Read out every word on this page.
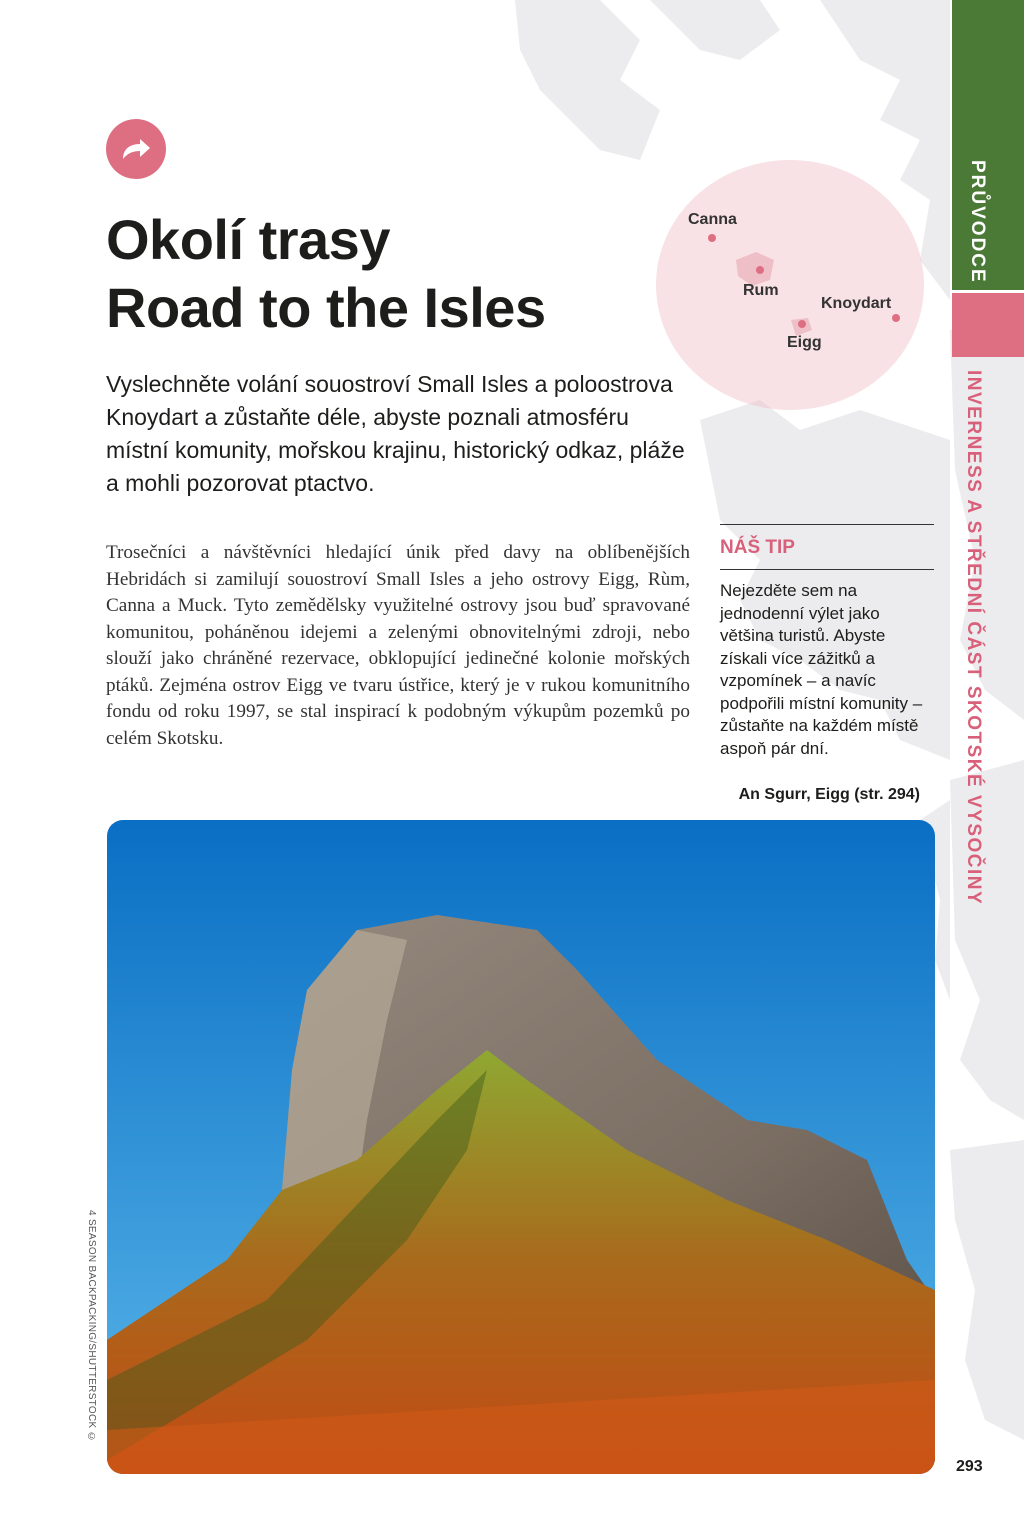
PRŮVODCE
INVERNESS A STŘEDNÍ ČÁST SKOTSKÉ VYSOČINY
Okolí trasy
Road to the Isles

Vyslechněte volání souostroví Small Isles a poloostrova Knoydart a zůstaňte déle, abyste poznali atmosféru místní komunity, mořskou krajinu, historický odkaz, pláže a mohli pozorovat ptactvo.

Trosečníci a návštěvníci hledající únik před davy na oblíbenějších Hebridách si zamilují souostroví Small Isles a jeho ostrovy Eigg, Rùm, Canna a Muck. Tyto zemědělsky využitelné ostrovy jsou buď spravované komunitou, poháněnou idejemi a zelenými obnovitelnými zdroji, nebo slouží jako chráněné rezervace, obklopující jedinečné kolonie mořských ptáků. Zejména ostrov Eigg ve tvaru ústřice, který je v rukou komunitního fondu od roku 1997, se stal inspirací k podobným výkupům pozemků po celém Skotsku.

Canna
Rum
Knoydart
Eigg
NÁŠ TIP
Nejezděte sem na jednodenní výlet jako většina turistů. Abyste získali více zážitků a vzpomínek – a navíc podpořili místní komunity – zůstaňte na každém místě aspoň pár dní.
An Sgurr, Eigg (str. 294)
4 SEASON BACKPACKING/SHUTTERSTOCK ©
293
